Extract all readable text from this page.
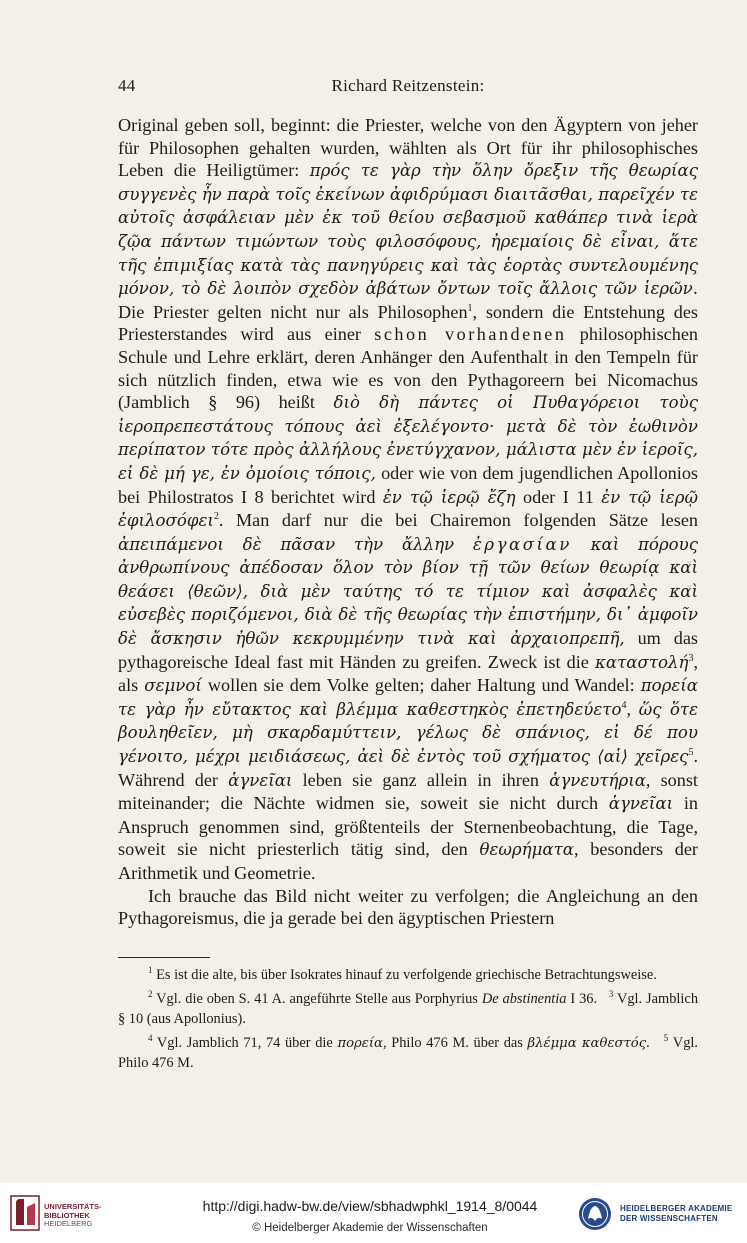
44	Richard Reitzenstein:

Original geben soll, beginnt: die Priester, welche von den Ägyptern von jeher für Philosophen gehalten wurden, wählten als Ort für ihr philosophisches Leben die Heiligtümer: πρός τε γὰρ τὴν ὅλην ὄρεξιν τῆς θεωρίας συγγενὲς ἦν παρὰ τοῖς ἐκείνων ἀφιδρύμασι διαιτᾶσθαι, παρεῖχέν τε αὐτοῖς ἀσφάλειαν μὲν ἐκ τοῦ θείου σεβασμοῦ καθάπερ τινὰ ἱερὰ ζῷα πάντων τιμώντων τοὺς φιλοσόφους, ἠρεμαίοις δὲ εἶναι, ἅτε τῆς ἐπιμιξίας κατὰ τὰς πανηγύρεις καὶ τὰς ἑορτὰς συντελουμένης μόνον, τὸ δὲ λοιπὸν σχεδὸν ἀβάτων ὄντων τοῖς ἄλλοις τῶν ἱερῶν. Die Priester gelten nicht nur als Philosophen$^1$, sondern die Entstehung des Priesterstandes wird aus einer schon vorhandenen philosophischen Schule und Lehre erklärt, deren Anhänger den Aufenthalt in den Tempeln für sich nützlich finden, etwa wie es von den Pythagoreern bei Nicomachus (Jamblich § 96) heißt διὸ δὴ πάντες οἱ Πυθαγόρειοι τοὺς ἱεροπρεπεστάτους τόπους ἀεὶ ἐξελέγοντο· μετὰ δὲ τὸν ἑωθινὸν περίπατον τότε πρὸς ἀλλήλους ἐνετύγχανον, μάλιστα μὲν ἐν ἱεροῖς, εἰ δὲ μή γε, ἐν ὁμοίοις τόποις, oder wie von dem jugendlichen Apollonios bei Philostratos I 8 berichtet wird ἐν τῷ ἱερῷ ἔζη oder I 11 ἐν τῷ ἱερῷ ἐφιλοσόφει$^2$. Man darf nur die bei Chairemon folgenden Sätze lesen ἀπειπάμενοι δὲ πᾶσαν τὴν ἄλλην ἐργασίαν καὶ πόρους ἀνθρωπίνους ἀπέδοσαν ὅλον τὸν βίον τῇ τῶν θείων θεωρίᾳ καὶ θεάσει ⟨θεῶν⟩, διὰ μὲν ταύτης τό τε τίμιον καὶ ἀσφαλὲς καὶ εὐσεβὲς ποριζόμενοι, διὰ δὲ τῆς θεωρίας τὴν ἐπιστήμην, δι᾿ ἀμφοῖν δὲ ἄσκησιν ἠθῶν κεκρυμμένην τινὰ καὶ ἀρχαιοπρεπῆ, um das pythagoreische Ideal fast mit Händen zu greifen. Zweck ist die καταστολή$^3$, als σεμνοί wollen sie dem Volke gelten; daher Haltung und Wandel: πορεία τε γὰρ ἦν εὔτακτος καὶ βλέμμα καθεστηκὸς ἐπετηδεύετο$^4$, ὥς ὅτε βουληθεῖεν, μὴ σκαρδαμύττειν, γέλως δὲ σπάνιος, εἰ δέ που γένοιτο, μέχρι μειδιάσεως, ἀεὶ δὲ ἐντὸς τοῦ σχήματος ⟨αἱ⟩ χεῖρες$^5$. Während der ἁγνεῖαι leben sie ganz allein in ihren ἁγνευτήρια, sonst miteinander; die Nächte widmen sie, soweit sie nicht durch ἁγνεῖαι in Anspruch genommen sind, größtenteils der Sternenbeobachtung, die Tage, soweit sie nicht priesterlich tätig sind, den θεωρήματα, besonders der Arithmetik und Geometrie.

Ich brauche das Bild nicht weiter zu verfolgen; die Angleichung an den Pythagoreismus, die ja gerade bei den ägyptischen Priestern

$^1$ Es ist die alte, bis über Isokrates hinauf zu verfolgende griechische Betrachtungsweise.

$^2$ Vgl. die oben S. 41 A. angeführte Stelle aus Porphyrius De abstinentia I 36. $^3$ Vgl. Jamblich § 10 (aus Apollonius).

$^4$ Vgl. Jamblich 71, 74 über die πορεία, Philo 476 M. über das βλέμμα καθεστός. $^5$ Vgl. Philo 476 M.

UNIVERSITÄTS-
BIBLIOTHEK
HEIDELBERG
http://digi.hadw-bw.de/view/sbhadwphkl_1914_8/0044
© Heidelberger Akademie der Wissenschaften
HEIDELBERGER AKADEMIE
DER WISSENSCHAFTEN
